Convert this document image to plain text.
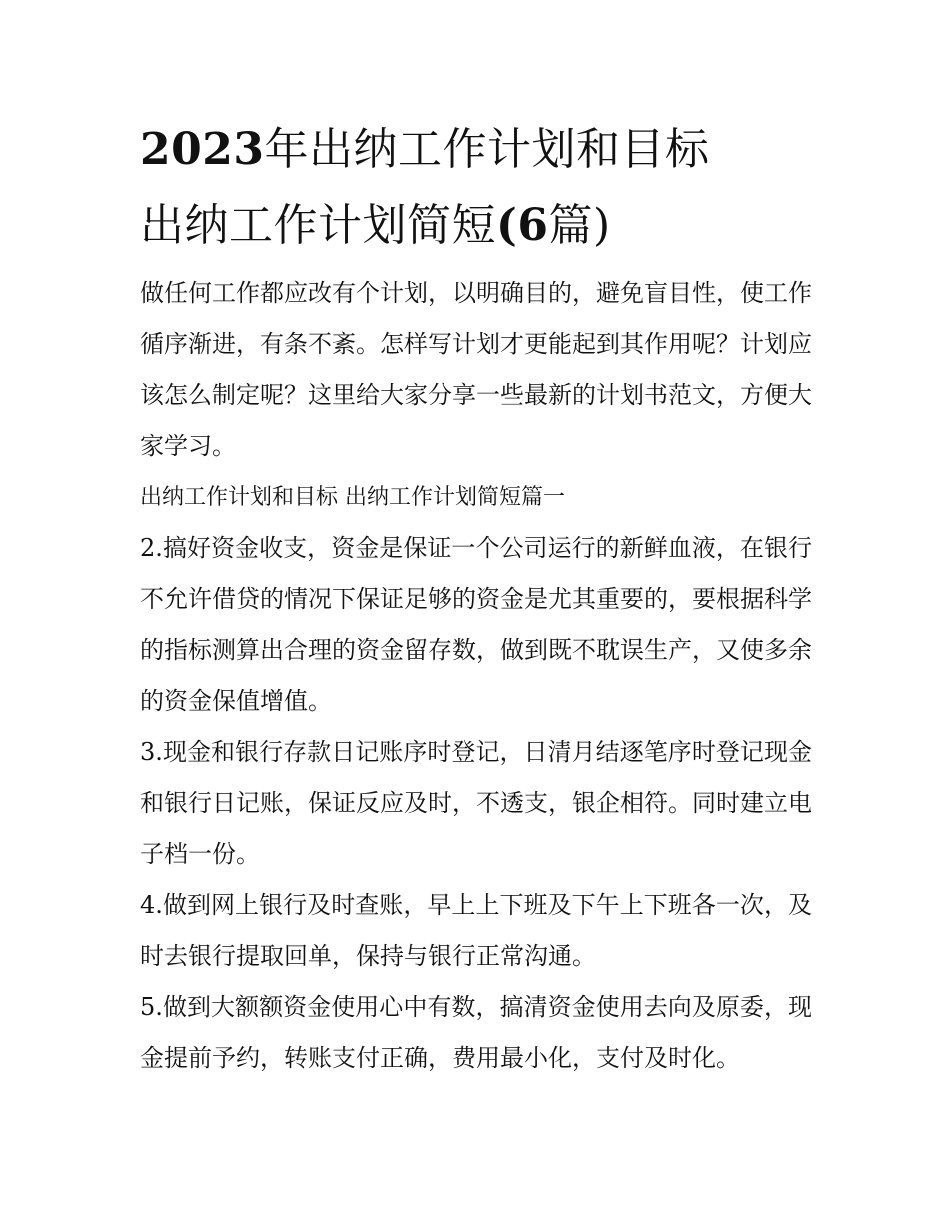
2023年出纳工作计划和目标
出纳工作计划简短(6篇)

做任何工作都应改有个计划，以明确目的，避免盲目性，使工作循序渐进，有条不紊。怎样写计划才更能起到其作用呢？计划应该怎么制定呢？这里给大家分享一些最新的计划书范文，方便大家学习。

出纳工作计划和目标 出纳工作计划简短篇一

2.搞好资金收支，资金是保证一个公司运行的新鲜血液，在银行不允许借贷的情况下保证足够的资金是尤其重要的，要根据科学的指标测算出合理的资金留存数，做到既不耽误生产，又使多余的资金保值增值。

3.现金和银行存款日记账序时登记，日清月结逐笔序时登记现金和银行日记账，保证反应及时，不透支，银企相符。同时建立电子档一份。

4.做到网上银行及时查账，早上上下班及下午上下班各一次，及时去银行提取回单，保持与银行正常沟通。

5.做到大额额资金使用心中有数，搞清资金使用去向及原委，现金提前予约，转账支付正确，费用最小化，支付及时化。
